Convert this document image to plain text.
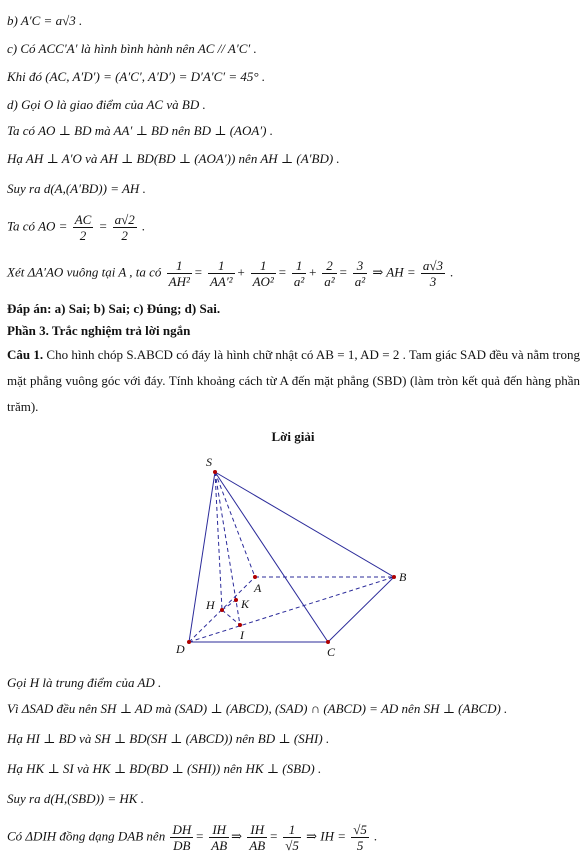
b) A′C = a√3 .
c) Có ACC′A′ là hình bình hành nên AC // A′C′ .
Khi đó (AC, A′D′) = (A′C′, A′D′) = D′A′C′ = 45° .
d) Gọi O là giao điểm của AC và BD .
Ta có AO ⊥ BD mà AA′ ⊥ BD nên BD ⊥ (AOA′) .
Hạ AH ⊥ A′O và AH ⊥ BD(BD ⊥ (AOA′)) nên AH ⊥ (A′BD) .
Suy ra d(A,(A′BD)) = AH .
Ta có AO = $\frac{AC}{2} = \frac{a√2}{2}$ .
Xét ΔA′AO vuông tại A , ta có $\frac{1}{\text{AH²}} = \frac{1}{\text{AA′²}} + \frac{1}{\text{AO²}} = \frac{1}{\text{a²}} + \frac{2}{\text{a²}} = \frac{3}{\text{a²}}$ ⇒ AH = $\frac{a√3}{3}$ .
Đáp án: a) Sai; b) Sai; c) Đúng; d) Sai.
Phần 3. Trắc nghiệm trả lời ngắn
Câu 1. Cho hình chóp S.ABCD có đáy là hình chữ nhật có AB = 1, AD = 2 . Tam giác SAD đều và nằm trong mặt phẳng vuông góc với đáy. Tính khoảng cách từ A đến mặt phẳng (SBD) (làm tròn kết quả đến hàng phần trăm).
Lời giải
S
A
B
C
D
H K
I
Gọi H là trung điểm của AD .
Vì ΔSAD đều nên SH ⊥ AD mà (SAD) ⊥ (ABCD), (SAD) ∩ (ABCD) = AD nên SH ⊥ (ABCD) .
Hạ HI ⊥ BD và SH ⊥ BD(SH ⊥ (ABCD)) nên BD ⊥ (SHI) .
Hạ HK ⊥ SI và HK ⊥ BD(BD ⊥ (SHI)) nên HK ⊥ (SBD) .
Suy ra d(H,(SBD)) = HK .
Có ΔDIH đồng dạng DAB nên $\frac{DH}{DB} = \frac{IH}{AB}$ ⇒ $\frac{IH}{AB} = \frac{1}{√5}$ ⇒ IH = $\frac{√5}{5}$ .
